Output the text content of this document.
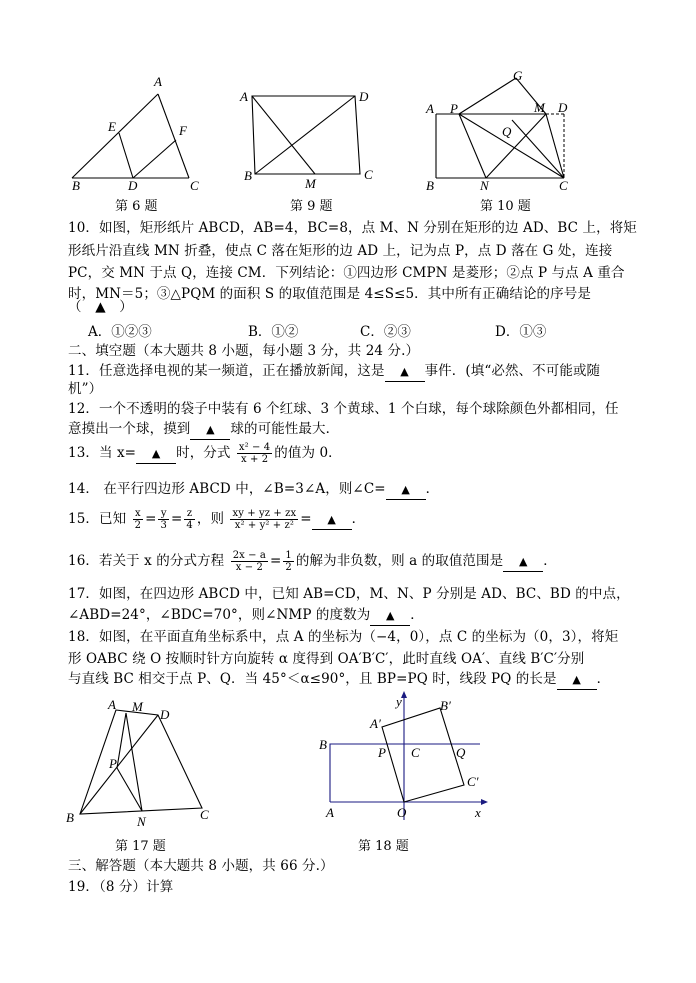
A
E	F
B	D	C
第 6 题
A	D
B
M
C
第 9 题
G
A P	M D
Q
B	N	C
第 10 题
10．如图，矩形纸片 ABCD，AB=4，BC=8，点 M、N 分别在矩形的边 AD、BC 上，将矩
形纸片沿直线 MN 折叠，使点 C 落在矩形的边 AD 上，记为点 P，点 D 落在 G 处，连接
PC，交 MN 于点 Q，连接 CM．下列结论：①四边形 CMPN 是菱形；②点 P 与点 A 重合
时，MN＝5；③△PQM 的面积 S 的取值范围是 4≤S≤5．其中所有正确结论的序号是
（　▲　）
A．①②③	B．①②	C．②③	D．①③
二、填空题（本大题共 8 小题，每小题 3 分，共 24 分.）
11．任意选择电视的某一频道，正在播放新闻，这是 ▲ 事件．(填“必然、不可能或随
机”）
12．一个不透明的袋子中装有 6 个红球、3 个黄球、1 个白球，每个球除颜色外都相同，任
意摸出一个球，摸到 ▲ 球的可能性最大．
13．当 x= ▲ 时，分式 $\frac{\text{x² − 4}}{x + 2}$ 的值为 0．
14． 在平行四边形 ABCD 中，∠B=3∠A，则∠C= ▲ ．
15．已知 $\frac{x}{2} = \frac{y}{3} = \frac{z}{4}$ ，则 $\frac{xy + yz + zx}{\text{x² + y² + z²}}$ = ▲ ．
16．若关于 x 的分式方程 $\frac{2x - a}{x - 2} = \frac{1}{2}$ 的解为非负数，则 a 的取值范围是 ▲ ．
17．如图，在四边形 ABCD 中，已知 AB=CD，M、N、P 分别是 AD、BC、BD 的中点，
∠ABD=24°，∠BDC=70°，则∠NMP 的度数为 ▲ ．
18．如图，在平面直角坐标系中，点 A 的坐标为（−4，0），点 C 的坐标为（0，3），将矩
形 OABC 绕 O 按顺时针方向旋转 α 度得到 OA′B′C′，此时直线 OA′、直线 B′C′分别
与直线 BC 相交于点 P、Q．当 45°＜α≤90°，且 BP=PQ 时，线段 PQ 的长是 ▲ ．
A M
D
P
B	N	C
第 17 题
y	B′
A′
B
P C	Q
C′
A	O	x
第 18 题
三、解答题（本大题共 8 小题，共 66 分.）
19．（8 分）计算
